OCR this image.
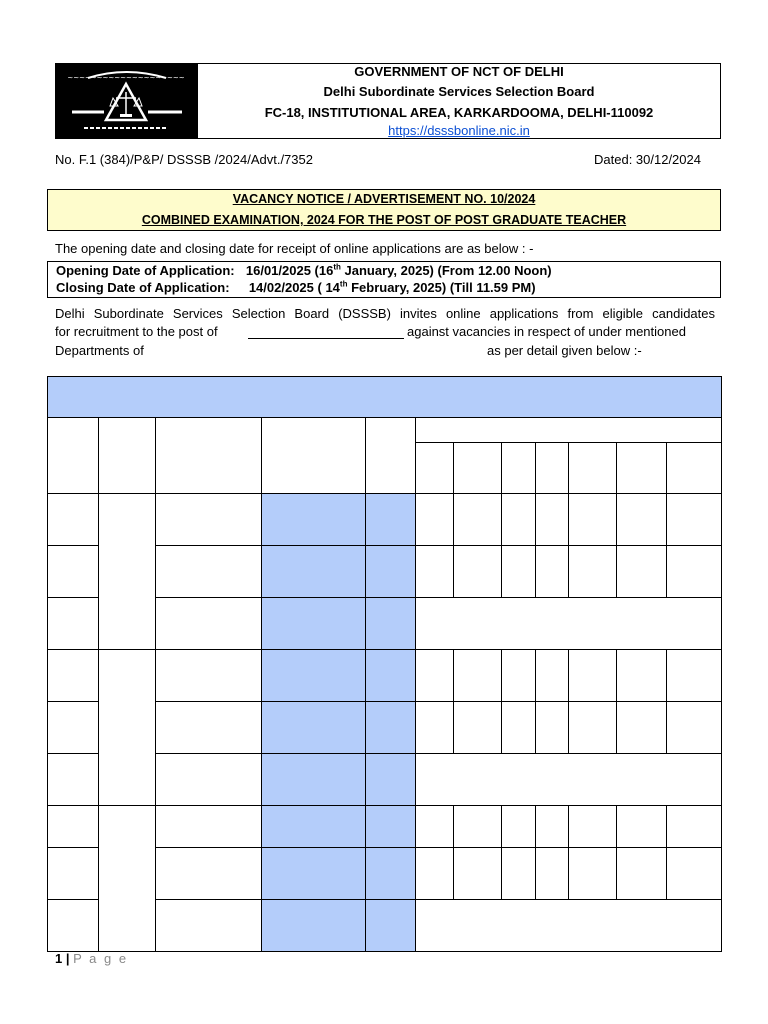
~~~~~~~~~~~~~~~~~~~~	GOVERNMENT OF NCT OF DELHI
Delhi Subordinate Services Selection Board
FC-18, INSTITUTIONAL AREA, KARKARDOOMA, DELHI-110092
https://dsssbonline.nic.in
No. F.1 (384)/P&P/ DSSSB /2024/Advt./7352	Dated: 30/12/2024
VACANCY NOTICE / ADVERTISEMENT NO. 10/2024
COMBINED EXAMINATION, 2024 FOR THE POST OF POST GRADUATE TEACHER
The opening date and closing date for receipt of online applications are as below : -
Opening Date of Application: 16/01/2025 (16th January, 2025) (From 12.00 Noon)
Closing Date of Application: 14/02/2025 ( 14th February, 2025) (Till 11.59 PM)
Delhi Subordinate Services Selection Board (DSSSB) invites online applications from eligible candidates
for recruitment to the post of	against vacancies in respect of under mentioned
Departments of	as per detail given below :-

1 | P a g e
